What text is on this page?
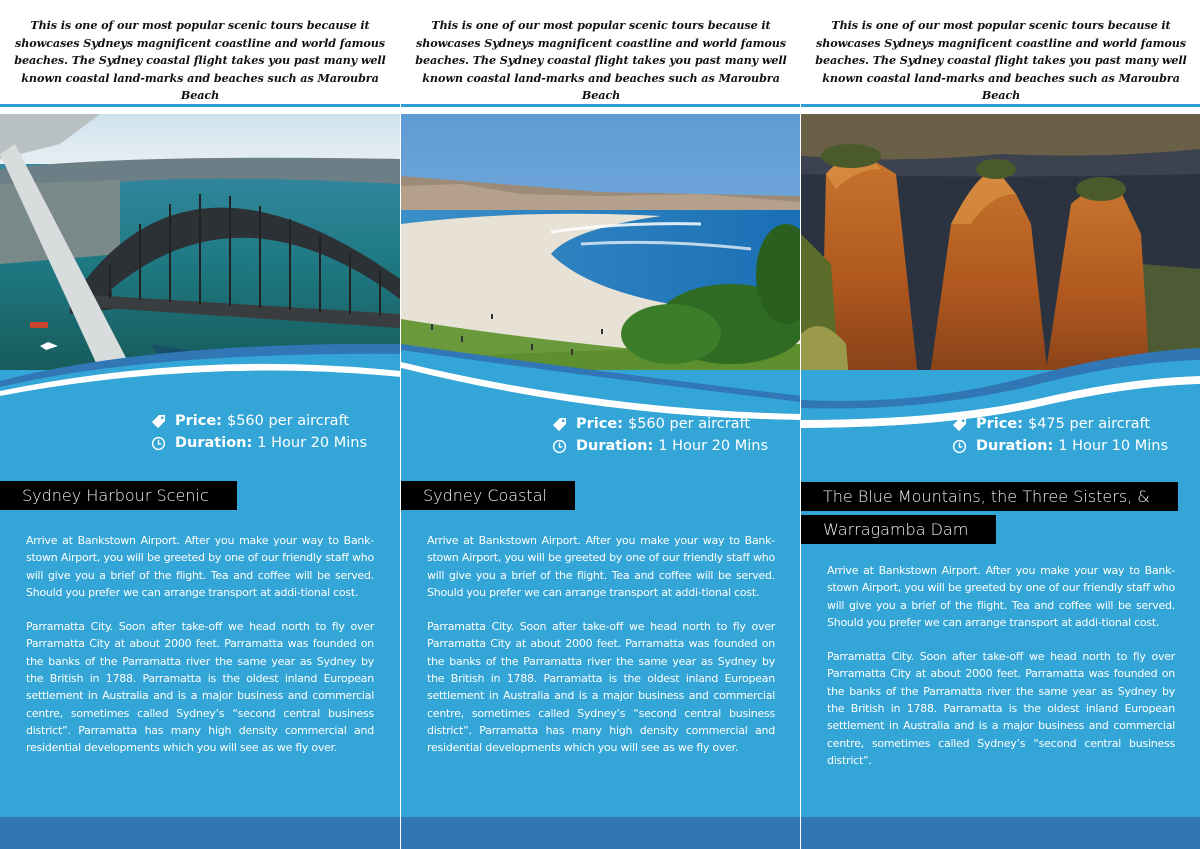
This is one of our most popular scenic tours because it showcases Sydneys magnificent coastline and world famous beaches. The Sydney coastal flight takes you past many well known coastal land-marks and beaches such as Maroubra Beach

Price: $560 per aircraft
Duration: 1 Hour 20 Mins
Sydney Harbour Scenic

Arrive at Bankstown Airport. After you make your way to Bank-stown Airport, you will be greeted by one of our friendly staff who will give you a brief of the flight. Tea and coffee will be served. Should you prefer we can arrange transport at addi-tional cost.

Parramatta City. Soon after take-off we head north to fly over Parramatta City at about 2000 feet. Parramatta was founded on the banks of the Parramatta river the same year as Sydney by the British in 1788. Parramatta is the oldest inland European settlement in Australia and is a major business and commercial centre, sometimes called Sydney’s “second central business district”. Parramatta has many high density commercial and residential developments which you will see as we fly over.

This is one of our most popular scenic tours because it showcases Sydneys magnificent coastline and world famous beaches. The Sydney coastal flight takes you past many well known coastal land-marks and beaches such as Maroubra Beach

Price: $560 per aircraft
Duration: 1 Hour 20 Mins
Sydney Coastal

Arrive at Bankstown Airport. After you make your way to Bank-stown Airport, you will be greeted by one of our friendly staff who will give you a brief of the flight. Tea and coffee will be served. Should you prefer we can arrange transport at addi-tional cost.

Parramatta City. Soon after take-off we head north to fly over Parramatta City at about 2000 feet. Parramatta was founded on the banks of the Parramatta river the same year as Sydney by the British in 1788. Parramatta is the oldest inland European settlement in Australia and is a major business and commercial centre, sometimes called Sydney’s “second central business district”. Parramatta has many high density commercial and residential developments which you will see as we fly over.

This is one of our most popular scenic tours because it showcases Sydneys magnificent coastline and world famous beaches. The Sydney coastal flight takes you past many well known coastal land-marks and beaches such as Maroubra Beach

Price: $475 per aircraft
Duration: 1 Hour 10 Mins
The Blue Mountains, the Three Sisters, &
Warragamba Dam

Arrive at Bankstown Airport. After you make your way to Bank-stown Airport, you will be greeted by one of our friendly staff who will give you a brief of the flight. Tea and coffee will be served. Should you prefer we can arrange transport at addi-tional cost.

Parramatta City. Soon after take-off we head north to fly over Parramatta City at about 2000 feet. Parramatta was founded on the banks of the Parramatta river the same year as Sydney by the British in 1788. Parramatta is the oldest inland European settlement in Australia and is a major business and commercial centre, sometimes called Sydney’s “second central business district”.
